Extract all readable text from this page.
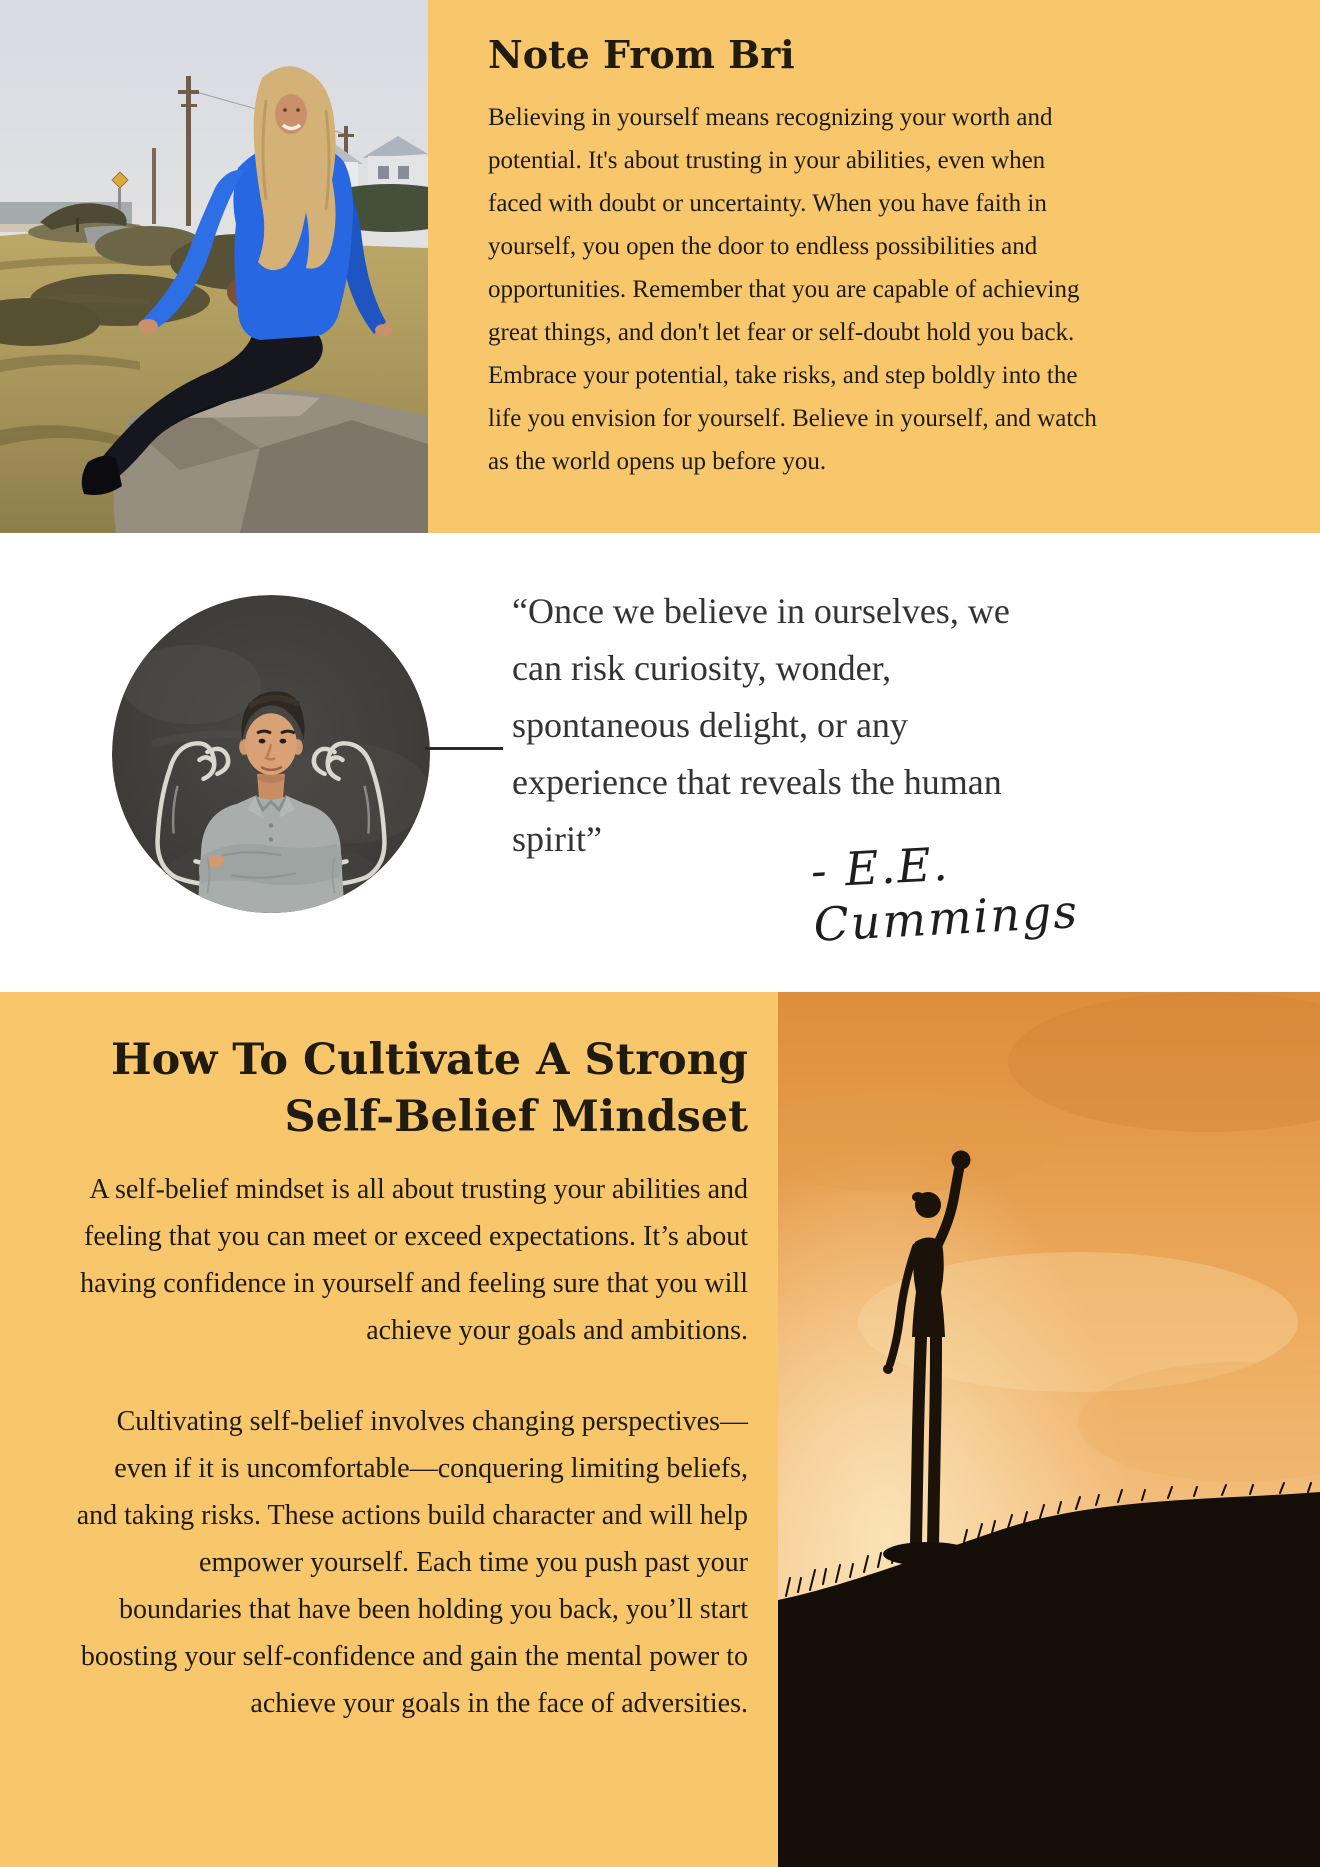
Note From Bri
Believing in yourself means recognizing your worth and potential. It's about trusting in your abilities, even when faced with doubt or uncertainty. When you have faith in yourself, you open the door to endless possibilities and opportunities. Remember that you are capable of achieving great things, and don't let fear or self-doubt hold you back. Embrace your potential, take risks, and step boldly into the life you envision for yourself. Believe in yourself, and watch as the world opens up before you.
“Once we believe in ourselves, we can risk curiosity, wonder, spontaneous delight, or any experience that reveals the human spirit”	- E.E. Cummings
How To Cultivate A Strong Self-Belief Mindset

A self-belief mindset is all about trusting your abilities and feeling that you can meet or exceed expectations. It’s about having confidence in yourself and feeling sure that you will achieve your goals and ambitions.

Cultivating self-belief involves changing perspectives—even if it is uncomfortable—conquering limiting beliefs, and taking risks. These actions build character and will help empower yourself. Each time you push past your boundaries that have been holding you back, you’ll start boosting your self-confidence and gain the mental power to achieve your goals in the face of adversities.
